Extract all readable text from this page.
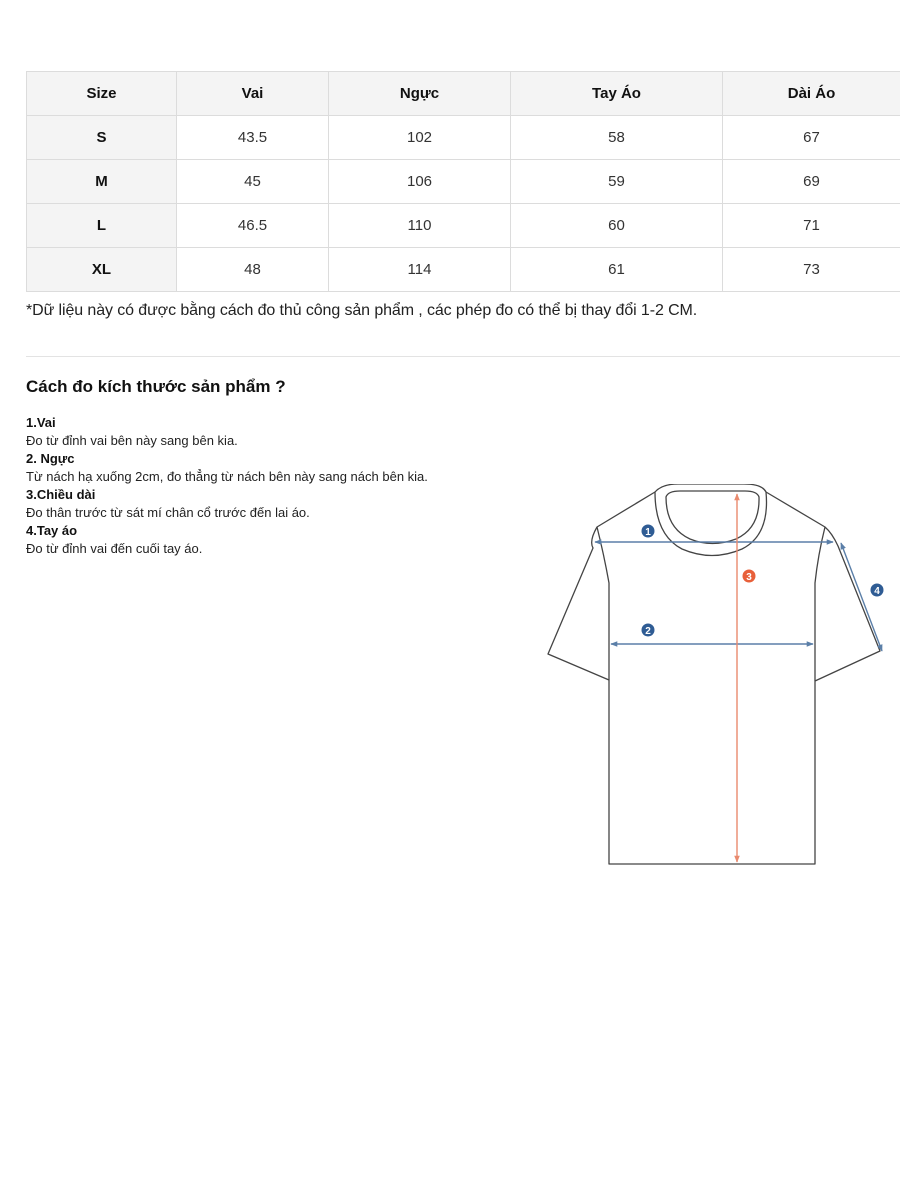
Size	Vai	Ngực	Tay Áo	Dài Áo
S	43.5	102	58	67
M	45	106	59	69
L	46.5	110	60	71
XL	48	114	61	73
*Dữ liệu này có được bằng cách đo thủ công sản phẩm , các phép đo có thể bị thay đổi 1-2 CM.
Cách đo kích thước sản phẩm ?
1.Vai
Đo từ đỉnh vai bên này sang bên kia.
2. Ngực
Từ nách hạ xuống 2cm, đo thẳng từ nách bên này sang nách bên kia.
3.Chiều dài
Đo thân trước từ sát mí chân cổ trước đến lai áo.
4.Tay áo
Đo từ đỉnh vai đến cuối tay áo.
1
2
3
4
